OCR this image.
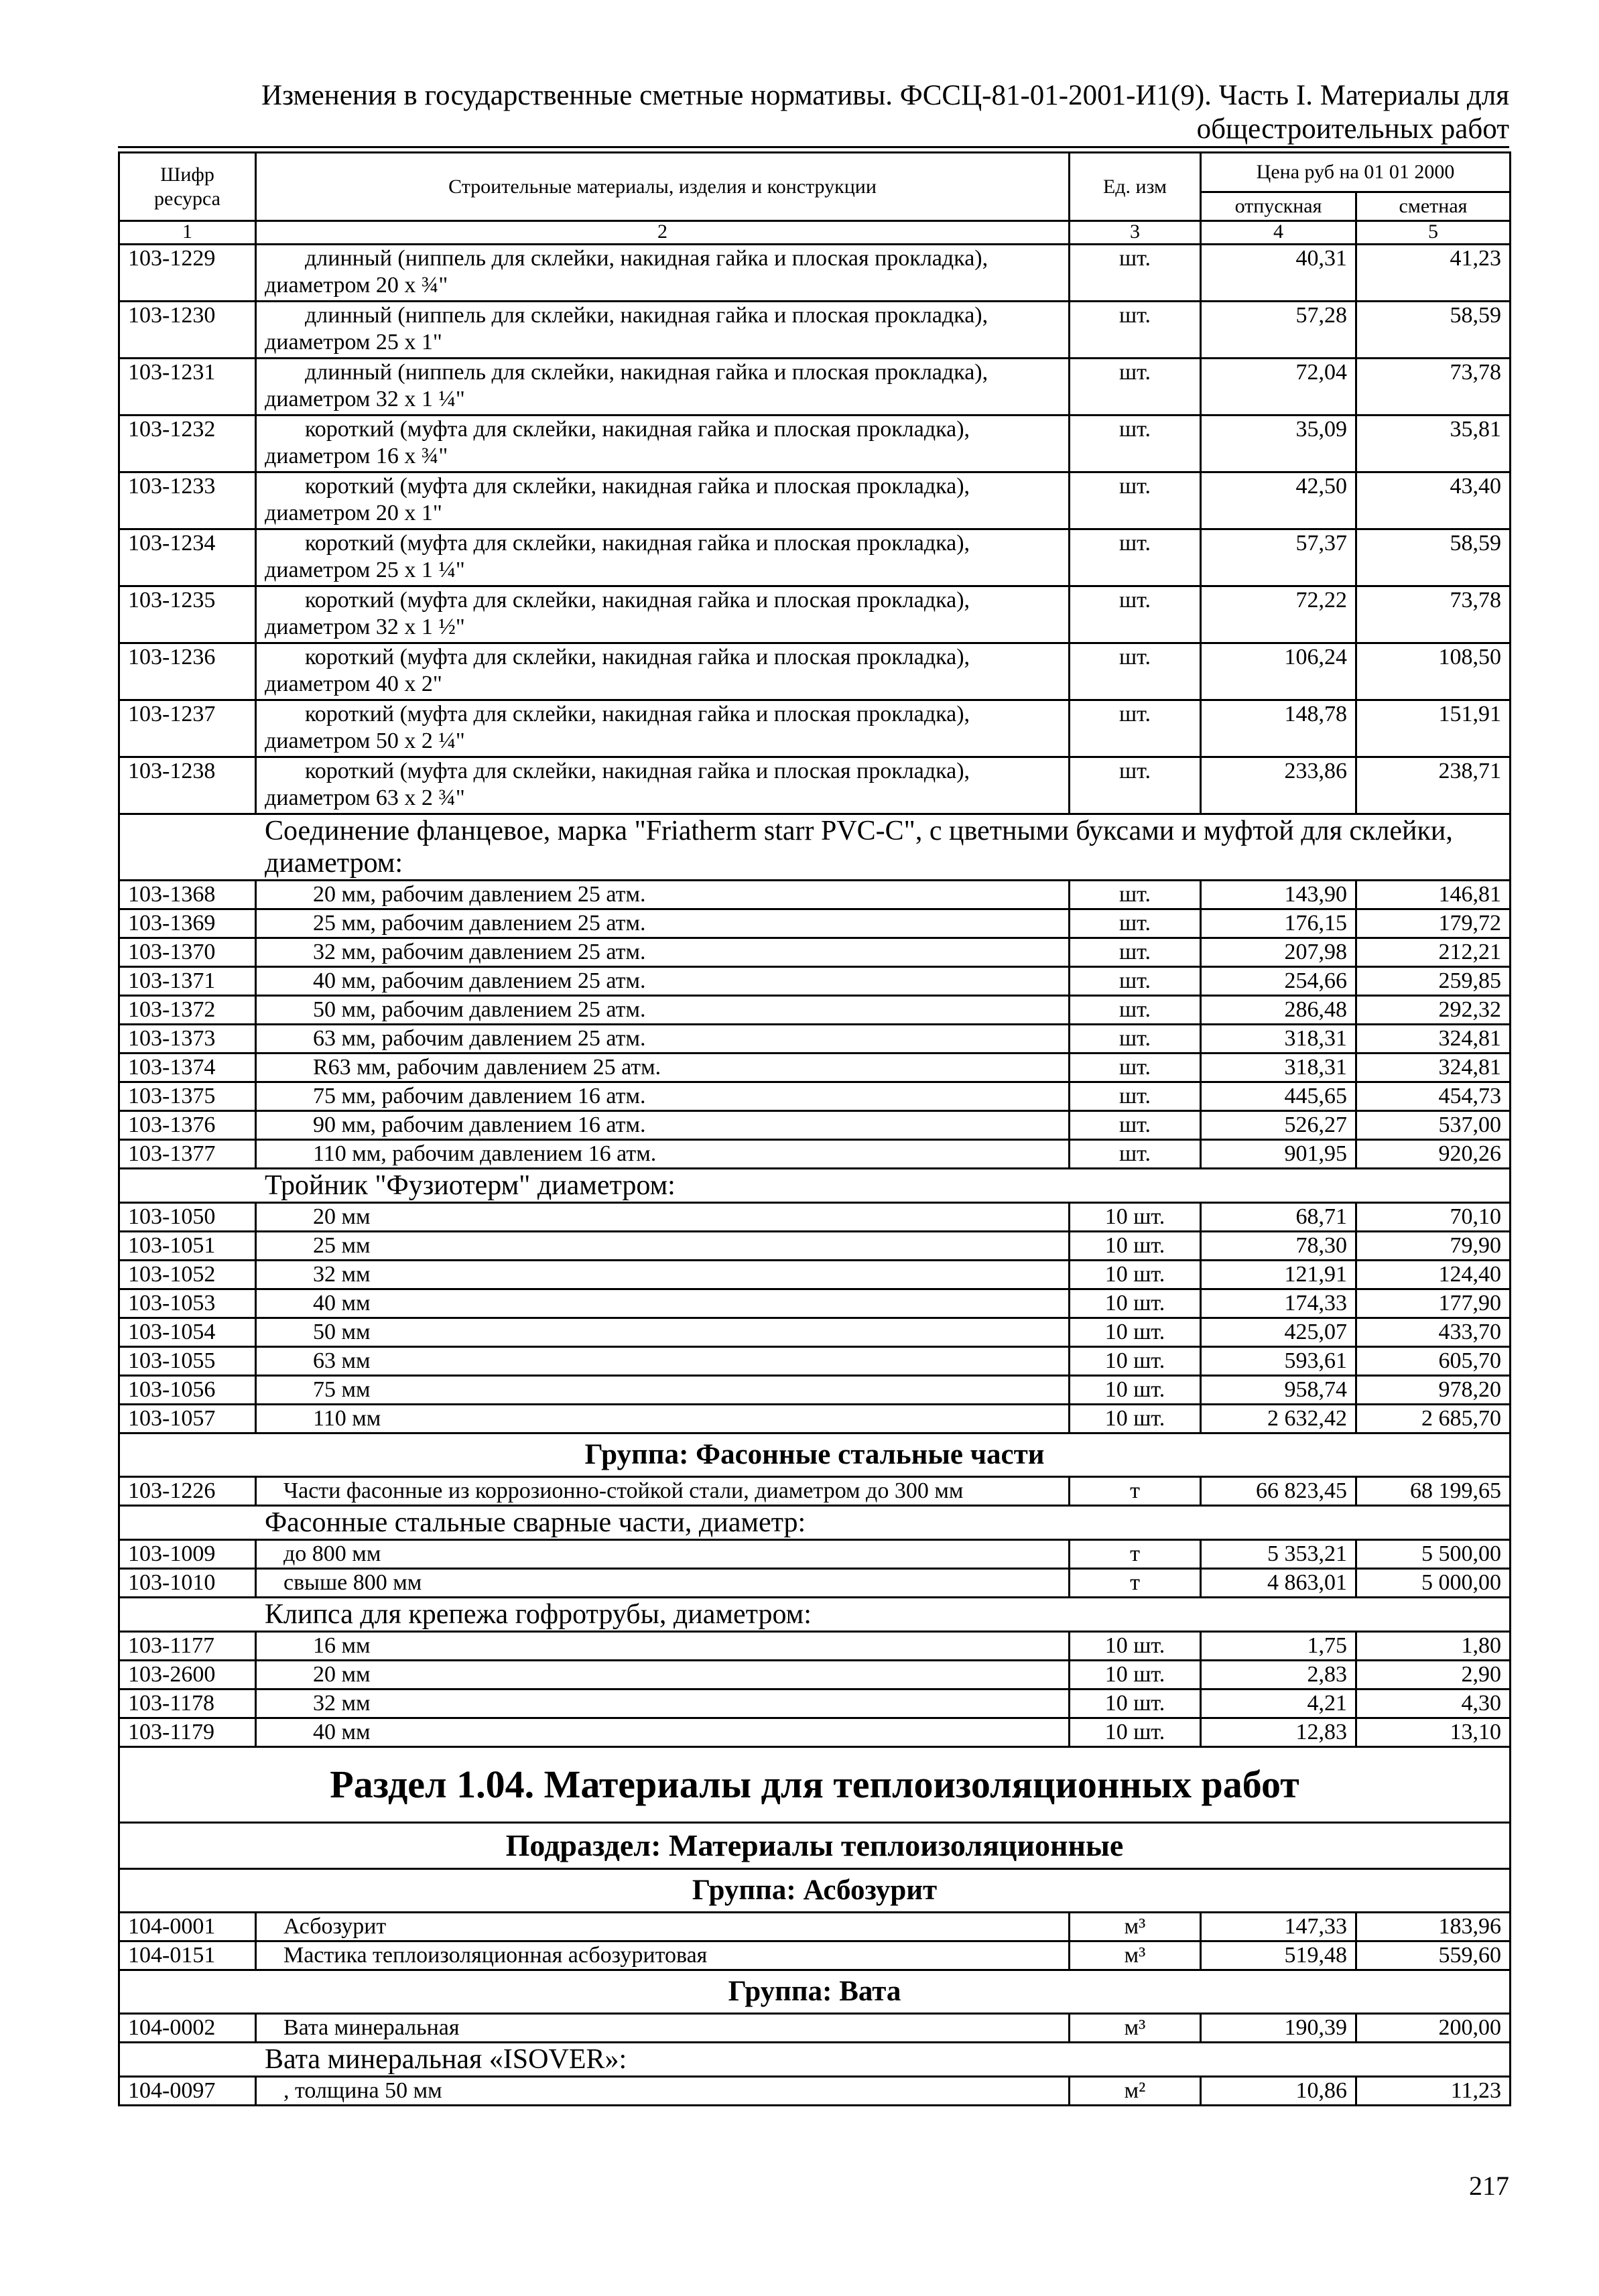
Изменения в государственные сметные нормативы. ФССЦ-81-01-2001-И1(9). Часть I. Материалы для
общестроительных работ
Шифр ресурса	Строительные материалы, изделия и конструкции	Ед. изм	Цена руб на 01 01 2000	
			отпускная	сметная
1	2	3	4	5
103-1229	длинный (ниппель для склейки, накидная гайка и плоская прокладка),
диаметром 20 х ¾"	шт.	40,31	41,23
103-1230	длинный (ниппель для склейки, накидная гайка и плоская прокладка),
диаметром 25 х 1"	шт.	57,28	58,59
103-1231	длинный (ниппель для склейки, накидная гайка и плоская прокладка),
диаметром 32 х 1 ¼"	шт.	72,04	73,78
103-1232	короткий (муфта для склейки, накидная гайка и плоская прокладка),
диаметром 16 х ¾"	шт.	35,09	35,81
103-1233	короткий (муфта для склейки, накидная гайка и плоская прокладка),
диаметром 20 х 1"	шт.	42,50	43,40
103-1234	короткий (муфта для склейки, накидная гайка и плоская прокладка),
диаметром 25 х 1 ¼"	шт.	57,37	58,59
103-1235	короткий (муфта для склейки, накидная гайка и плоская прокладка),
диаметром 32 х 1 ½"	шт.	72,22	73,78
103-1236	короткий (муфта для склейки, накидная гайка и плоская прокладка),
диаметром 40 х 2"	шт.	106,24	108,50
103-1237	короткий (муфта для склейки, накидная гайка и плоская прокладка),
диаметром 50 х 2 ¼"	шт.	148,78	151,91
103-1238	короткий (муфта для склейки, накидная гайка и плоская прокладка),
диаметром 63 х 2 ¾"	шт.	233,86	238,71
Соединение фланцевое, марка "Friatherm starr PVC-C", с цветными буксами и муфтой для склейки, диаметром:				
103-1368	20 мм, рабочим давлением 25 атм.	шт.	143,90	146,81
103-1369	25 мм, рабочим давлением 25 атм.	шт.	176,15	179,72
103-1370	32 мм, рабочим давлением 25 атм.	шт.	207,98	212,21
103-1371	40 мм, рабочим давлением 25 атм.	шт.	254,66	259,85
103-1372	50 мм, рабочим давлением 25 атм.	шт.	286,48	292,32
103-1373	63 мм, рабочим давлением 25 атм.	шт.	318,31	324,81
103-1374	R63 мм, рабочим давлением 25 атм.	шт.	318,31	324,81
103-1375	75 мм, рабочим давлением 16 атм.	шт.	445,65	454,73
103-1376	90 мм, рабочим давлением 16 атм.	шт.	526,27	537,00
103-1377	110 мм, рабочим давлением 16 атм.	шт.	901,95	920,26
Тройник "Фузиотерм" диаметром:				
103-1050	20 мм	10 шт.	68,71	70,10
103-1051	25 мм	10 шт.	78,30	79,90
103-1052	32 мм	10 шт.	121,91	124,40
103-1053	40 мм	10 шт.	174,33	177,90
103-1054	50 мм	10 шт.	425,07	433,70
103-1055	63 мм	10 шт.	593,61	605,70
103-1056	75 мм	10 шт.	958,74	978,20
103-1057	110 мм	10 шт.	2 632,42	2 685,70
Группа: Фасонные стальные части				
103-1226	Части фасонные из коррозионно-стойкой стали, диаметром до 300 мм	т	66 823,45	68 199,65
Фасонные стальные сварные части, диаметр:				
103-1009	до 800 мм	т	5 353,21	5 500,00
103-1010	свыше 800 мм	т	4 863,01	5 000,00
Клипса для крепежа гофротрубы, диаметром:				
103-1177	16 мм	10 шт.	1,75	1,80
103-2600	20 мм	10 шт.	2,83	2,90
103-1178	32 мм	10 шт.	4,21	4,30
103-1179	40 мм	10 шт.	12,83	13,10
Раздел 1.04. Материалы для теплоизоляционных работ				
Подраздел: Материалы теплоизоляционные				
Группа: Асбозурит				
104-0001	Асбозурит	м³	147,33	183,96
104-0151	Мастика теплоизоляционная асбозуритовая	м³	519,48	559,60
Группа: Вата				
104-0002	Вата минеральная	м³	190,39	200,00
Вата минеральная «ISOVER»:				
104-0097	, толщина 50 мм	м²	10,86	11,23
217
